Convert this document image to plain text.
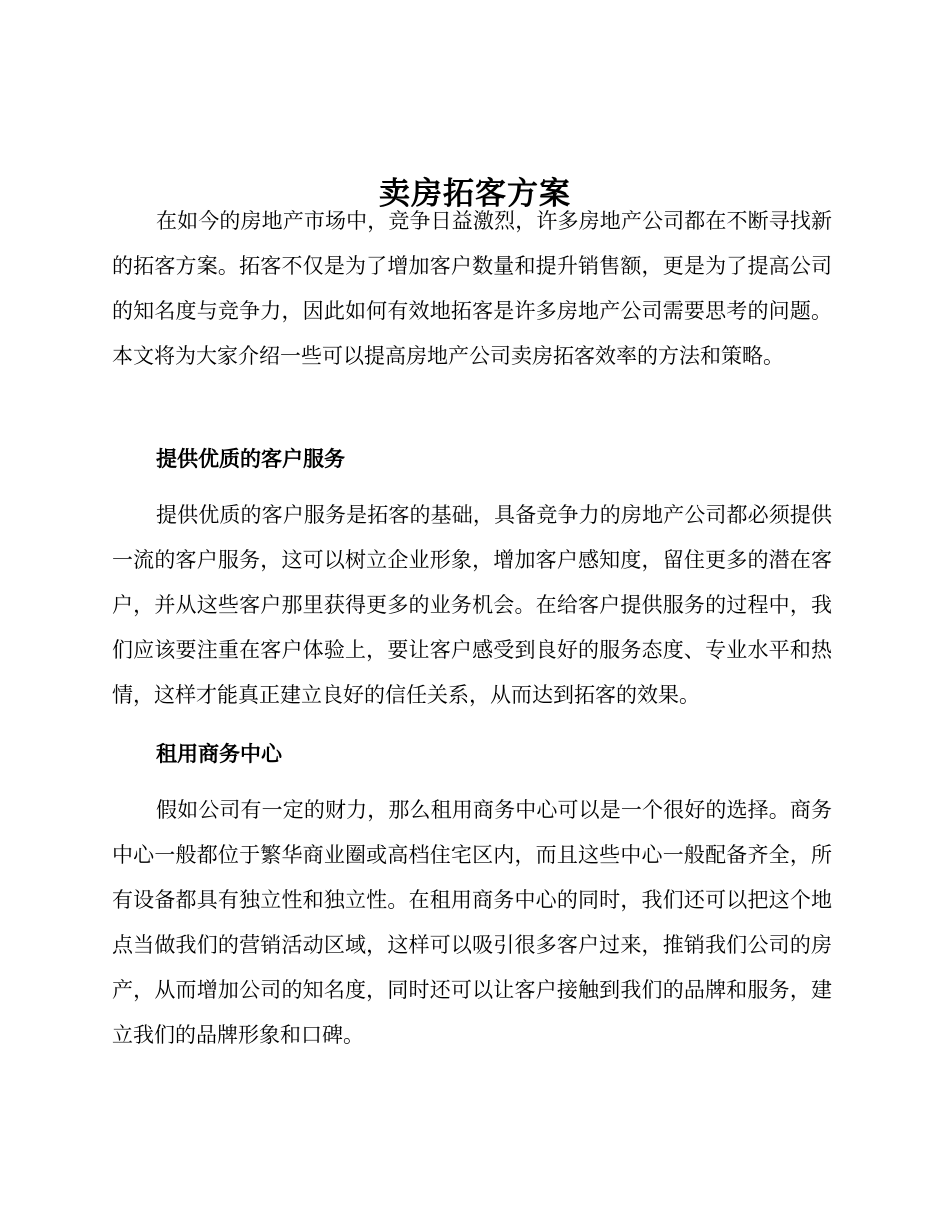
卖房拓客方案

在如今的房地产市场中，竞争日益激烈，许多房地产公司都在不断寻找新的拓客方案。拓客不仅是为了增加客户数量和提升销售额，更是为了提高公司的知名度与竞争力，因此如何有效地拓客是许多房地产公司需要思考的问题。本文将为大家介绍一些可以提高房地产公司卖房拓客效率的方法和策略。

提供优质的客户服务

提供优质的客户服务是拓客的基础，具备竞争力的房地产公司都必须提供一流的客户服务，这可以树立企业形象，增加客户感知度，留住更多的潜在客户，并从这些客户那里获得更多的业务机会。在给客户提供服务的过程中，我们应该要注重在客户体验上，要让客户感受到良好的服务态度、专业水平和热情，这样才能真正建立良好的信任关系，从而达到拓客的效果。

租用商务中心

假如公司有一定的财力，那么租用商务中心可以是一个很好的选择。商务中心一般都位于繁华商业圈或高档住宅区内，而且这些中心一般配备齐全，所有设备都具有独立性和独立性。在租用商务中心的同时，我们还可以把这个地点当做我们的营销活动区域，这样可以吸引很多客户过来，推销我们公司的房产，从而增加公司的知名度，同时还可以让客户接触到我们的品牌和服务，建立我们的品牌形象和口碑。
